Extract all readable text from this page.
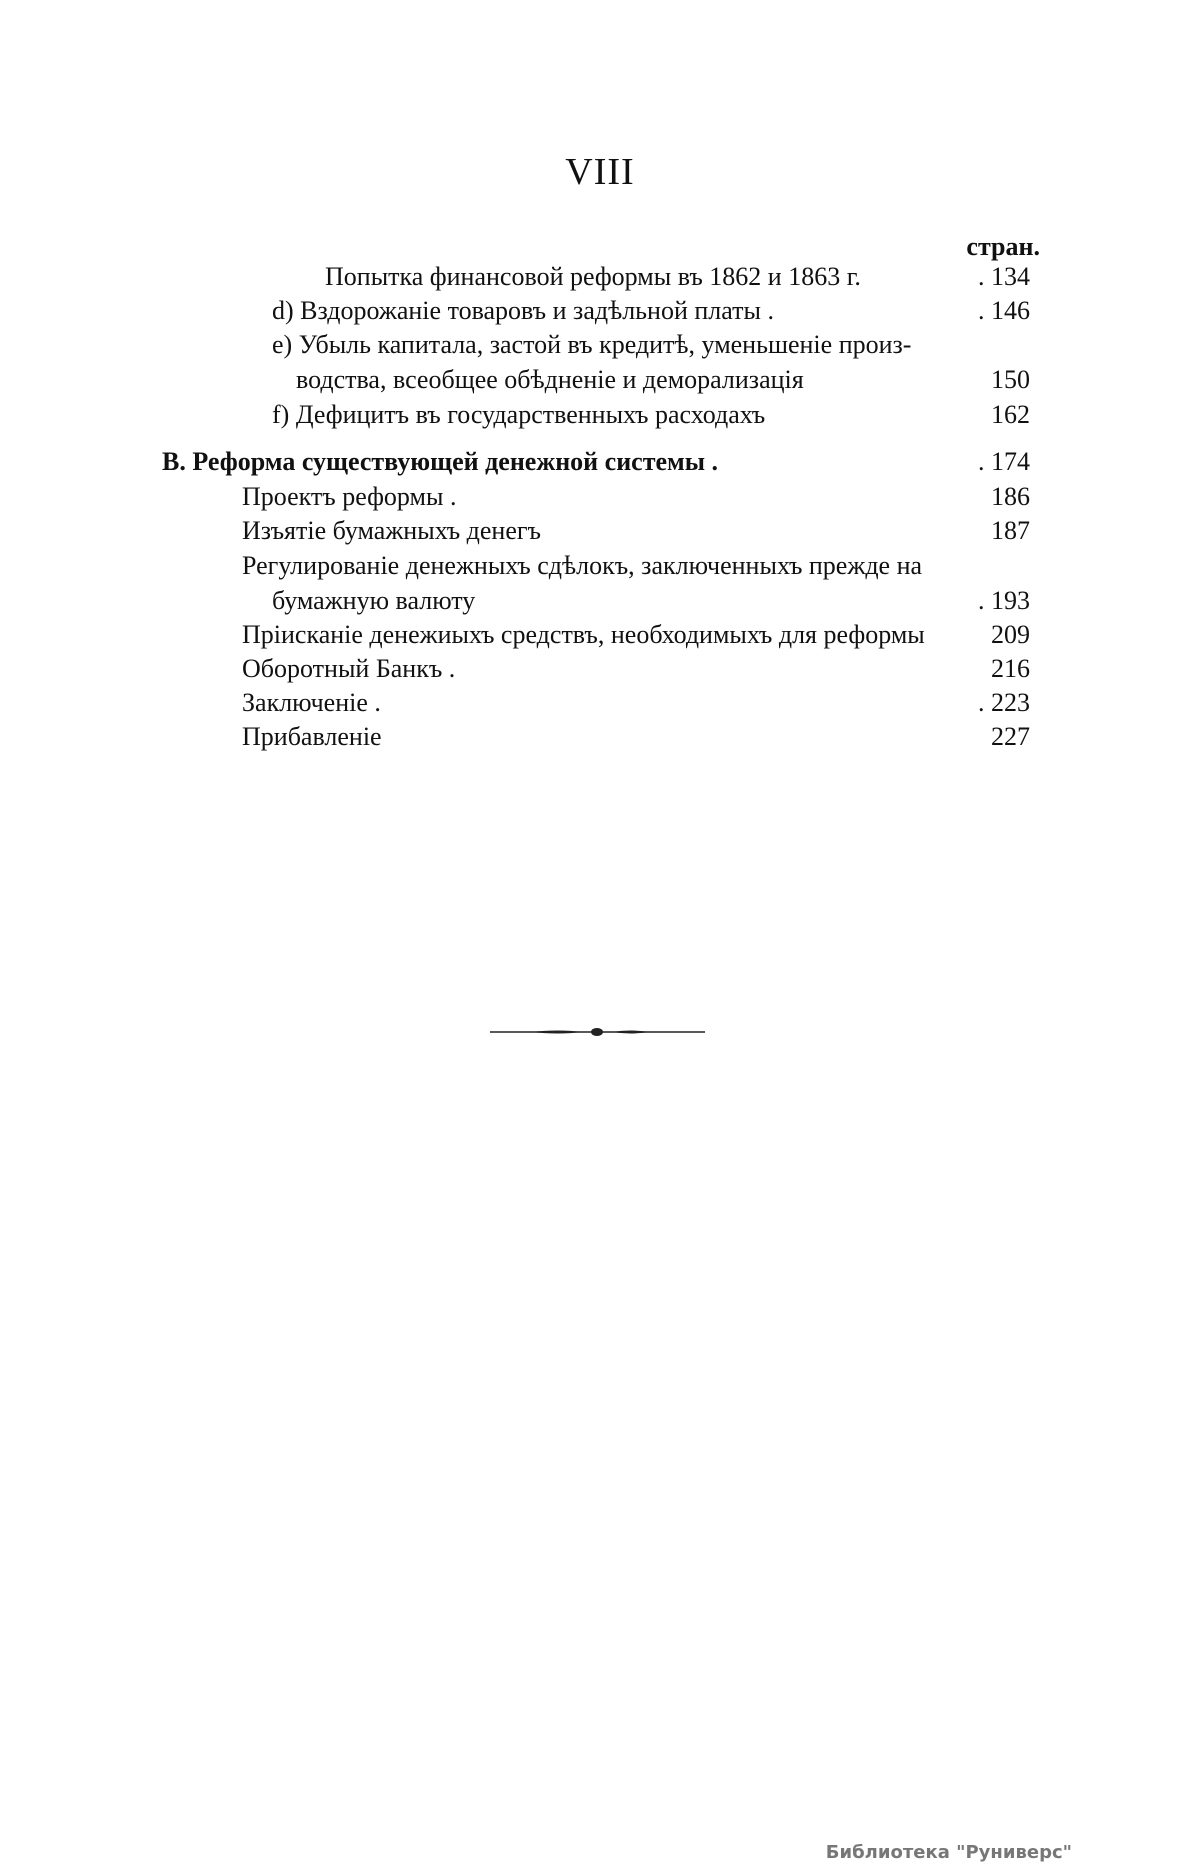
VIII
стран.
Попытка финансовой реформы въ 1862 и 1863 г.	. 134
d) Вздорожаніе товаровъ и задѣльной платы .	. 146
е) Убыль капитала, застой въ кредитѣ, уменьшеніе произ-
водства, всеобщее обѣдненіе и деморализація	150
f) Дефицитъ въ государственныхъ расходахъ	162
B. Реформа существующей денежной системы .	. 174
Проектъ реформы .	186
Изъятіе бумажныхъ денегъ	187
Регулированіе денежныхъ сдѣлокъ, заключенныхъ прежде на
бумажную валюту	. 193
Пріисканіе денежиыхъ средствъ, необходимыхъ для реформы	209
Оборотный Банкъ .	216
Заключеніе .	. 223
Прибавленіе	227
Библиотека "Руниверс"
